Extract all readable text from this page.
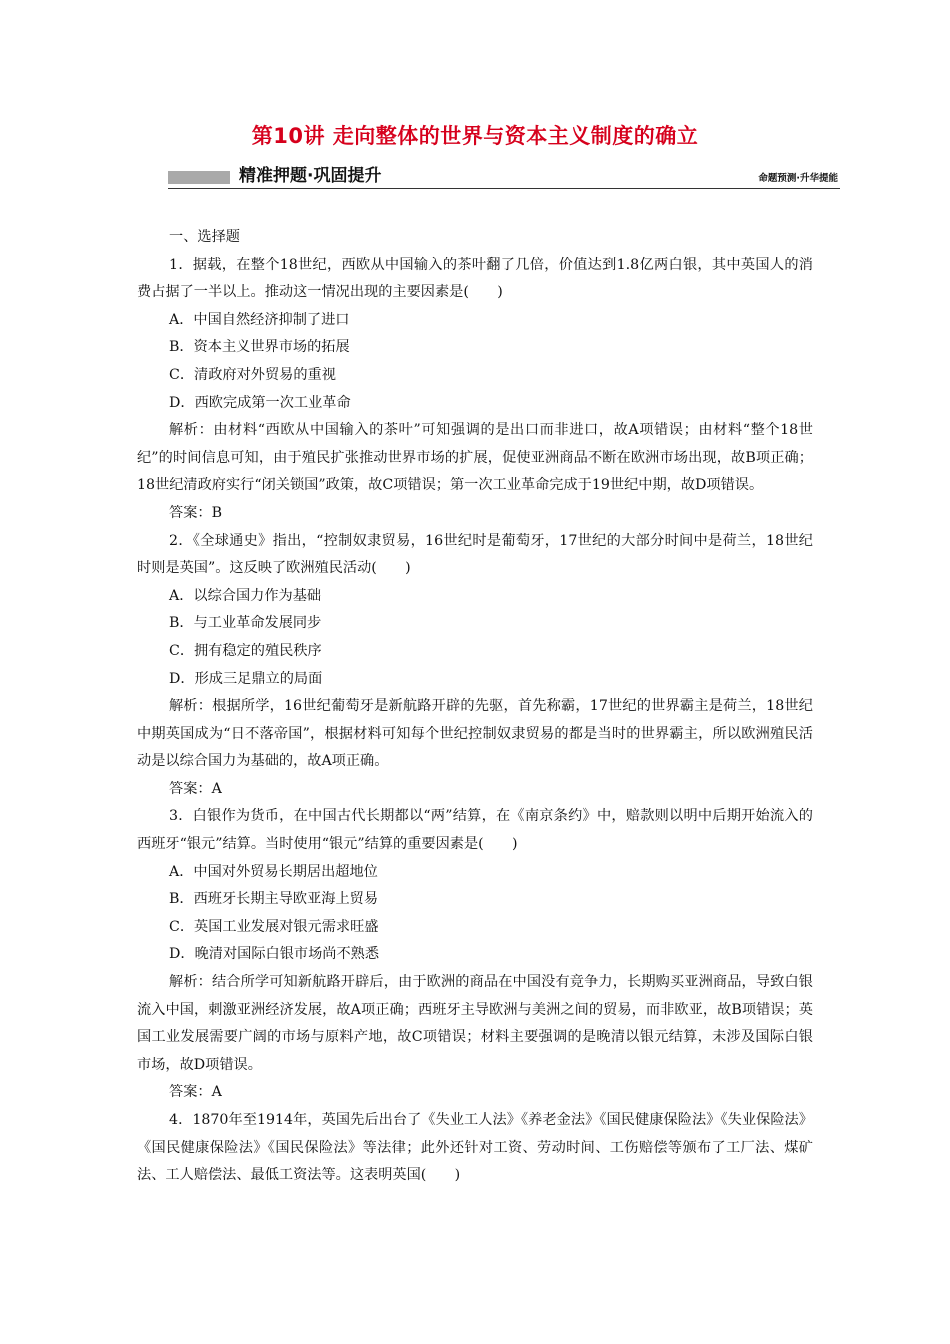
第10讲 走向整体的世界与资本主义制度的确立
精准押题·巩固提升	命题预测·升华提能

一、选择题

1．据载，在整个18世纪，西欧从中国输入的茶叶翻了几倍，价值达到1.8亿两白银，其中英国人的消费占据了一半以上。推动这一情况出现的主要因素是(　　)

A．中国自然经济抑制了进口

B．资本主义世界市场的拓展

C．清政府对外贸易的重视

D．西欧完成第一次工业革命

解析：由材料“西欧从中国输入的茶叶”可知强调的是出口而非进口，故A项错误；由材料“整个18世纪”的时间信息可知，由于殖民扩张推动世界市场的扩展，促使亚洲商品不断在欧洲市场出现，故B项正确；18世纪清政府实行“闭关锁国”政策，故C项错误；第一次工业革命完成于19世纪中期，故D项错误。

答案：B

2．《全球通史》指出，“控制奴隶贸易，16世纪时是葡萄牙，17世纪的大部分时间中是荷兰，18世纪时则是英国”。这反映了欧洲殖民活动(　　)

A．以综合国力作为基础

B．与工业革命发展同步

C．拥有稳定的殖民秩序

D．形成三足鼎立的局面

解析：根据所学，16世纪葡萄牙是新航路开辟的先驱，首先称霸，17世纪的世界霸主是荷兰，18世纪中期英国成为“日不落帝国”，根据材料可知每个世纪控制奴隶贸易的都是当时的世界霸主，所以欧洲殖民活动是以综合国力为基础的，故A项正确。

答案：A

3．白银作为货币，在中国古代长期都以“两”结算，在《南京条约》中，赔款则以明中后期开始流入的西班牙“银元”结算。当时使用“银元”结算的重要因素是(　　)

A．中国对外贸易长期居出超地位

B．西班牙长期主导欧亚海上贸易

C．英国工业发展对银元需求旺盛

D．晚清对国际白银市场尚不熟悉

解析：结合所学可知新航路开辟后，由于欧洲的商品在中国没有竞争力，长期购买亚洲商品，导致白银流入中国，刺激亚洲经济发展，故A项正确；西班牙主导欧洲与美洲之间的贸易，而非欧亚，故B项错误；英国工业发展需要广阔的市场与原料产地，故C项错误；材料主要强调的是晚清以银元结算，未涉及国际白银市场，故D项错误。

答案：A

4．1870年至1914年，英国先后出台了《失业工人法》《养老金法》《国民健康保险法》《失业保险法》《国民健康保险法》《国民保险法》等法律；此外还针对工资、劳动时间、工伤赔偿等颁布了工厂法、煤矿法、工人赔偿法、最低工资法等。这表明英国(　　)
